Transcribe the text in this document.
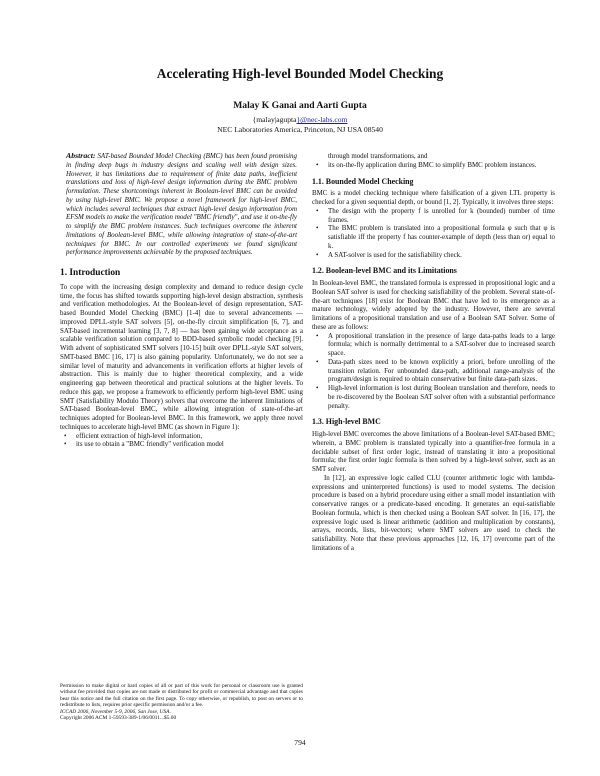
Accelerating High-level Bounded Model Checking
Malay K Ganai and Aarti Gupta
{malay|agupta}@nec-labs.com
NEC Laboratories America, Princeton, NJ USA 08540

Abstract: SAT-based Bounded Model Checking (BMC) has been found promising in finding deep bugs in industry designs and scaling well with design sizes. However, it has limitations due to requirement of finite data paths, inefficient translations and loss of high-level design information during the BMC problem formulation. These shortcomings inherent in Boolean-level BMC can be avoided by using high-level BMC. We propose a novel framework for high-level BMC, which includes several techniques that extract high-level design information from EFSM models to make the verification model "BMC friendly", and use it on-the-fly to simplify the BMC problem instances. Such techniques overcome the inherent limitations of Boolean-level BMC, while allowing integration of state-of-the-art techniques for BMC. In our controlled experiments we found significant performance improvements achievable by the proposed techniques.

1. Introduction

To cope with the increasing design complexity and demand to reduce design cycle time, the focus has shifted towards supporting high-level design abstraction, synthesis and verification methodologies. At the Boolean-level of design representation, SAT-based Bounded Model Checking (BMC) [1-4] due to several advancements — improved DPLL-style SAT solvers [5], on-the-fly circuit simplification [6, 7], and SAT-based incremental learning [3, 7, 8] — has been gaining wide acceptance as a scalable verification solution compared to BDD-based symbolic model checking [9]. With advent of sophisticated SMT solvers [10-15] built over DPLL-style SAT solvers, SMT-based BMC [16, 17] is also gaining popularity. Unfortunately, we do not see a similar level of maturity and advancements in verification efforts at higher levels of abstraction. This is mainly due to higher theoretical complexity, and a wide engineering gap between theoretical and practical solutions at the higher levels. To reduce this gap, we propose a framework to efficiently perform high-level BMC using SMT (Satisfiability Modulo Theory) solvers that overcome the inherent limitations of SAT-based Boolean-level BMC, while allowing integration of state-of-the-art techniques adopted for Boolean-level BMC. In this framework, we apply three novel techniques to accelerate high-level BMC (as shown in Figure 1):

• efficient extraction of high-level information,
• its use to obtain a "BMC friendly" verification model
through model transformations, and
• its on-the-fly application during BMC to simplify BMC problem instances.
1.1. Bounded Model Checking

BMC is a model checking technique where falsification of a given LTL property is checked for a given sequential depth, or bound [1, 2]. Typically, it involves three steps:

• The design with the property f is unrolled for k (bounded) number of time frames.
• The BMC problem is translated into a propositional formula φ such that φ is satisfiable iff the property f has counter-example of depth (less than or) equal to k.
• A SAT-solver is used for the satisfiability check.
1.2. Boolean-level BMC and its Limitations

In Boolean-level BMC, the translated formula is expressed in propositional logic and a Boolean SAT solver is used for checking satisfiability of the problem. Several state-of-the-art techniques [18] exist for Boolean BMC that have led to its emergence as a mature technology, widely adopted by the industry. However, there are several limitations of a propositional translation and use of a Boolean SAT Solver. Some of these are as follows:

• A propositional translation in the presence of large data-paths leads to a large formula; which is normally detrimental to a SAT-solver due to increased search space.
• Data-path sizes need to be known explicitly a priori, before unrolling of the transition relation. For unbounded data-path, additional range-analysis of the program/design is required to obtain conservative but finite data-path sizes.
• High-level information is lost during Boolean translation and therefore, needs to be re-discovered by the Boolean SAT solver often with a substantial performance penalty.
1.3. High-level BMC

High-level BMC overcomes the above limitations of a Boolean-level SAT-based BMC; wherein, a BMC problem is translated typically into a quantifier-free formula in a decidable subset of first order logic, instead of translating it into a propositional formula; the first order logic formula is then solved by a high-level solver, such as an SMT solver.

In [12], an expressive logic called CLU (counter arithmetic logic with lambda-expressions and uninterpreted functions) is used to model systems. The decision procedure is based on a hybrid procedure using either a small model instantiation with conservative ranges or a predicate-based encoding. It generates an equi-satisfiable Boolean formula, which is then checked using a Boolean SAT solver. In [16, 17], the expressive logic used is linear arithmetic (addition and multiplication by constants), arrays, records, lists, bit-vectors; where SMT solvers are used to check the satisfiability. Note that these previous approaches [12, 16, 17] overcome part of the limitations of a

Permission to make digital or hard copies of all or part of this work for personal or classroom use is granted without fee provided that copies are not made or distributed for profit or commercial advantage and that copies bear this notice and the full citation on the first page. To copy otherwise, or republish, to post on servers or to redistribute to lists, requires prior specific permission and/or a fee.

ICCAD 2006, November 5-9, 2006, San Jose, USA.

Copyright 2006 ACM 1-59593-389-1/06/0011...$5.00

794
